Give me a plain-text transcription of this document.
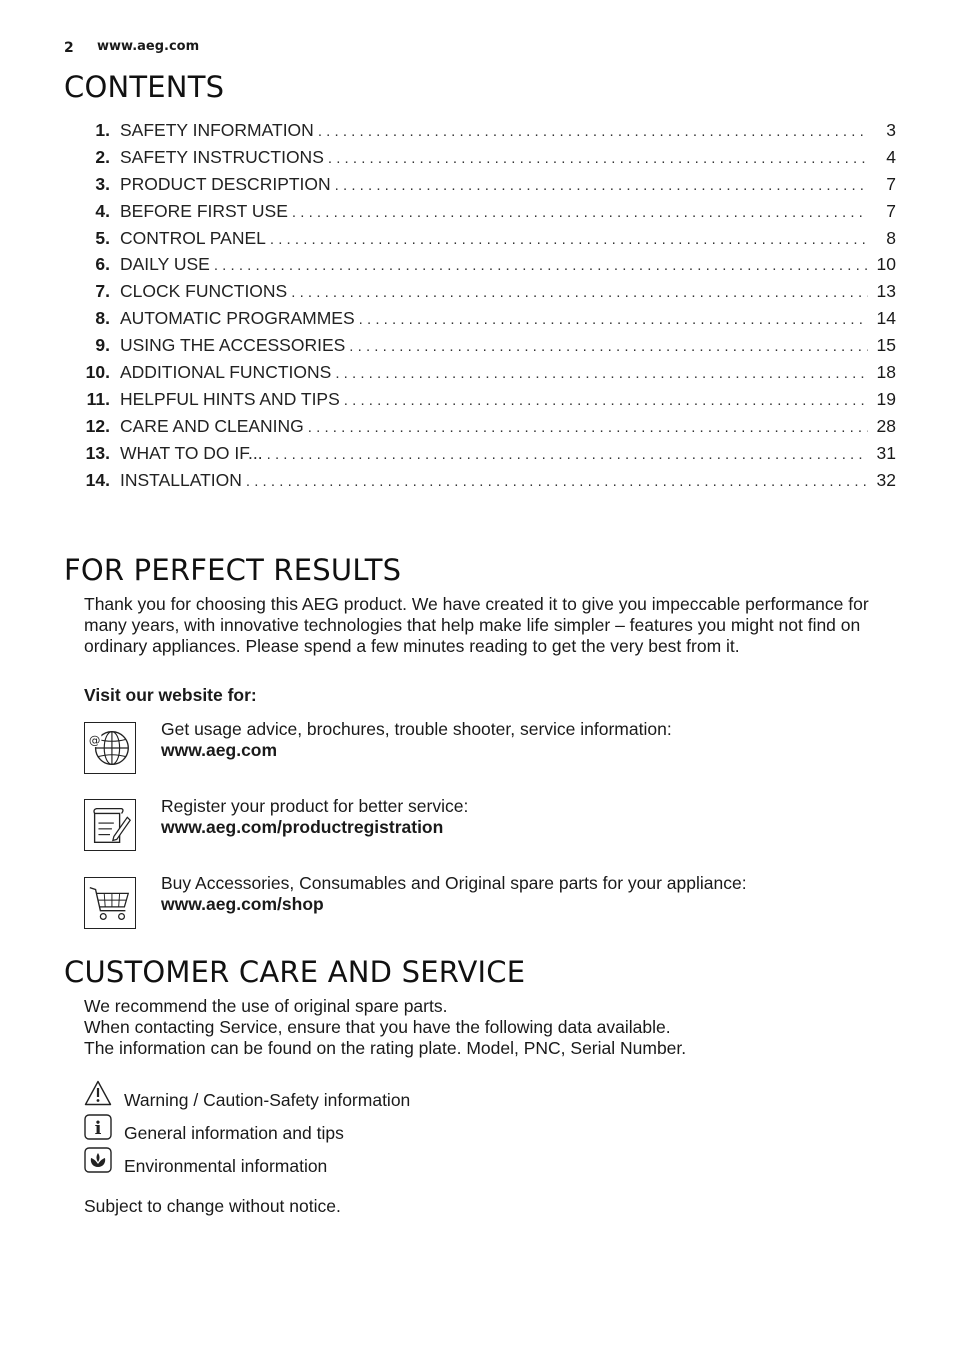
2 www.aeg.com
CONTENTS
1. SAFETY INFORMATION . . .	3
2. SAFETY INSTRUCTIONS . . .	4
3. PRODUCT DESCRIPTION . . .	7
4. BEFORE FIRST USE . . .	7
5. CONTROL PANEL . . .	8
6. DAILY USE . . .	10
7. CLOCK FUNCTIONS . . .	13
8. AUTOMATIC PROGRAMMES . . .	14
9. USING THE ACCESSORIES . . .	15
10. ADDITIONAL FUNCTIONS . . .	18
11. HELPFUL HINTS AND TIPS . . .	19
12. CARE AND CLEANING . . .	28
13. WHAT TO DO IF... . . .	31
14. INSTALLATION . . .	32
FOR PERFECT RESULTS
Thank you for choosing this AEG product. We have created it to give you impeccable performance for many years, with innovative technologies that help make life simpler – features you might not find on ordinary appliances. Please spend a few minutes reading to get the very best from it.
Visit our website for:
@
Get usage advice, brochures, trouble shooter, service information:
www.aeg.com
Register your product for better service:
www.aeg.com/productregistration
Buy Accessories, Consumables and Original spare parts for your appliance:
www.aeg.com/shop
CUSTOMER CARE AND SERVICE
We recommend the use of original spare parts.
When contacting Service, ensure that you have the following data available.
The information can be found on the rating plate. Model, PNC, Serial Number.
Warning / Caution-Safety information
i General information and tips
Environmental information
Subject to change without notice.
